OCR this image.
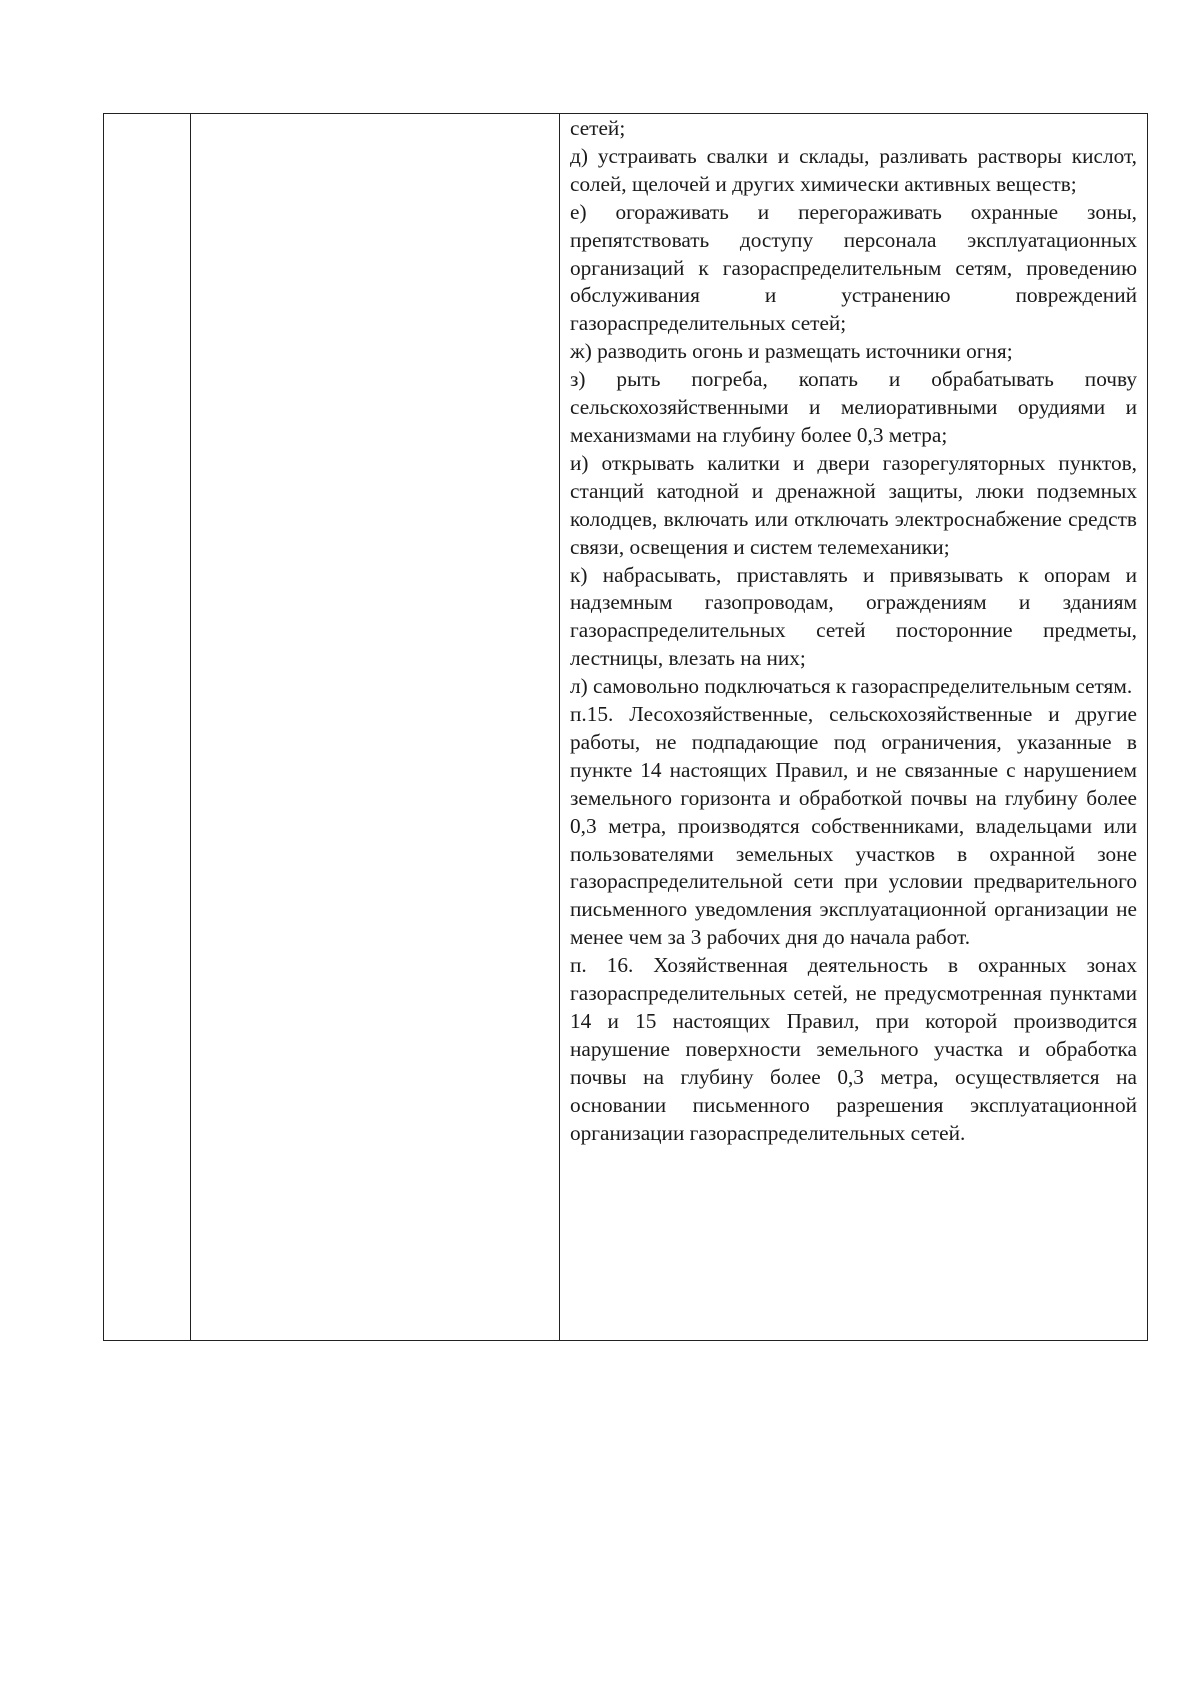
сетей;

д) устраивать свалки и склады, разливать растворы кислот, солей, щелочей и других химически активных веществ;

е) огораживать и перегораживать охранные зоны, препятствовать доступу персонала эксплуатационных организаций к газораспределительным сетям, проведению обслуживания и устранению повреждений газораспределительных сетей;

ж) разводить огонь и размещать источники огня;

з) рыть погреба, копать и обрабатывать почву сельскохозяйственными и мелиоративными орудиями и механизмами на глубину более 0,3 метра;

и) открывать калитки и двери газорегуляторных пунктов, станций катодной и дренажной защиты, люки подземных колодцев, включать или отключать электроснабжение средств связи, освещения и систем телемеханики;

к) набрасывать, приставлять и привязывать к опорам и надземным газопроводам, ограждениям и зданиям газораспределительных сетей посторонние предметы, лестницы, влезать на них;

л) самовольно подключаться к газораспределительным сетям.

п.15. Лесохозяйственные, сельскохозяйственные и другие работы, не подпадающие под ограничения, указанные в пункте 14 настоящих Правил, и не связанные с нарушением земельного горизонта и обработкой почвы на глубину более 0,3 метра, производятся собственниками, владельцами или пользователями земельных участков в охранной зоне газораспределительной сети при условии предварительного письменного уведомления эксплуатационной организации не менее чем за 3 рабочих дня до начала работ.

п. 16. Хозяйственная деятельность в охранных зонах газораспределительных сетей, не предусмотренная пунктами 14 и 15 настоящих Правил, при которой производится нарушение поверхности земельного участка и обработка почвы на глубину более 0,3 метра, осуществляется на основании письменного разрешения эксплуатационной организации газораспределительных сетей.
